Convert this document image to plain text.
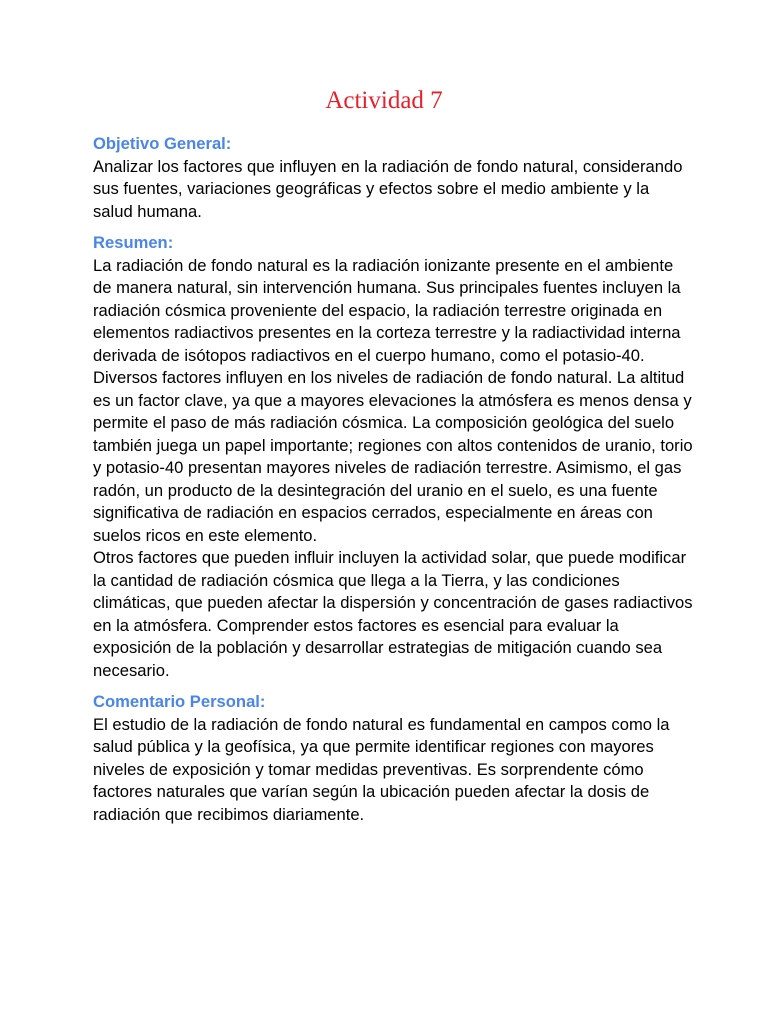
Actividad 7
Objetivo General:

Analizar los factores que influyen en la radiación de fondo natural, considerando sus fuentes, variaciones geográficas y efectos sobre el medio ambiente y la salud humana.

Resumen:

La radiación de fondo natural es la radiación ionizante presente en el ambiente de manera natural, sin intervención humana. Sus principales fuentes incluyen la radiación cósmica proveniente del espacio, la radiación terrestre originada en elementos radiactivos presentes en la corteza terrestre y la radiactividad interna derivada de isótopos radiactivos en el cuerpo humano, como el potasio-40.

Diversos factores influyen en los niveles de radiación de fondo natural. La altitud es un factor clave, ya que a mayores elevaciones la atmósfera es menos densa y permite el paso de más radiación cósmica. La composición geológica del suelo también juega un papel importante; regiones con altos contenidos de uranio, torio y potasio-40 presentan mayores niveles de radiación terrestre. Asimismo, el gas radón, un producto de la desintegración del uranio en el suelo, es una fuente significativa de radiación en espacios cerrados, especialmente en áreas con suelos ricos en este elemento.

Otros factores que pueden influir incluyen la actividad solar, que puede modificar la cantidad de radiación cósmica que llega a la Tierra, y las condiciones climáticas, que pueden afectar la dispersión y concentración de gases radiactivos en la atmósfera. Comprender estos factores es esencial para evaluar la exposición de la población y desarrollar estrategias de mitigación cuando sea necesario.

Comentario Personal:

El estudio de la radiación de fondo natural es fundamental en campos como la salud pública y la geofísica, ya que permite identificar regiones con mayores niveles de exposición y tomar medidas preventivas. Es sorprendente cómo factores naturales que varían según la ubicación pueden afectar la dosis de radiación que recibimos diariamente.
